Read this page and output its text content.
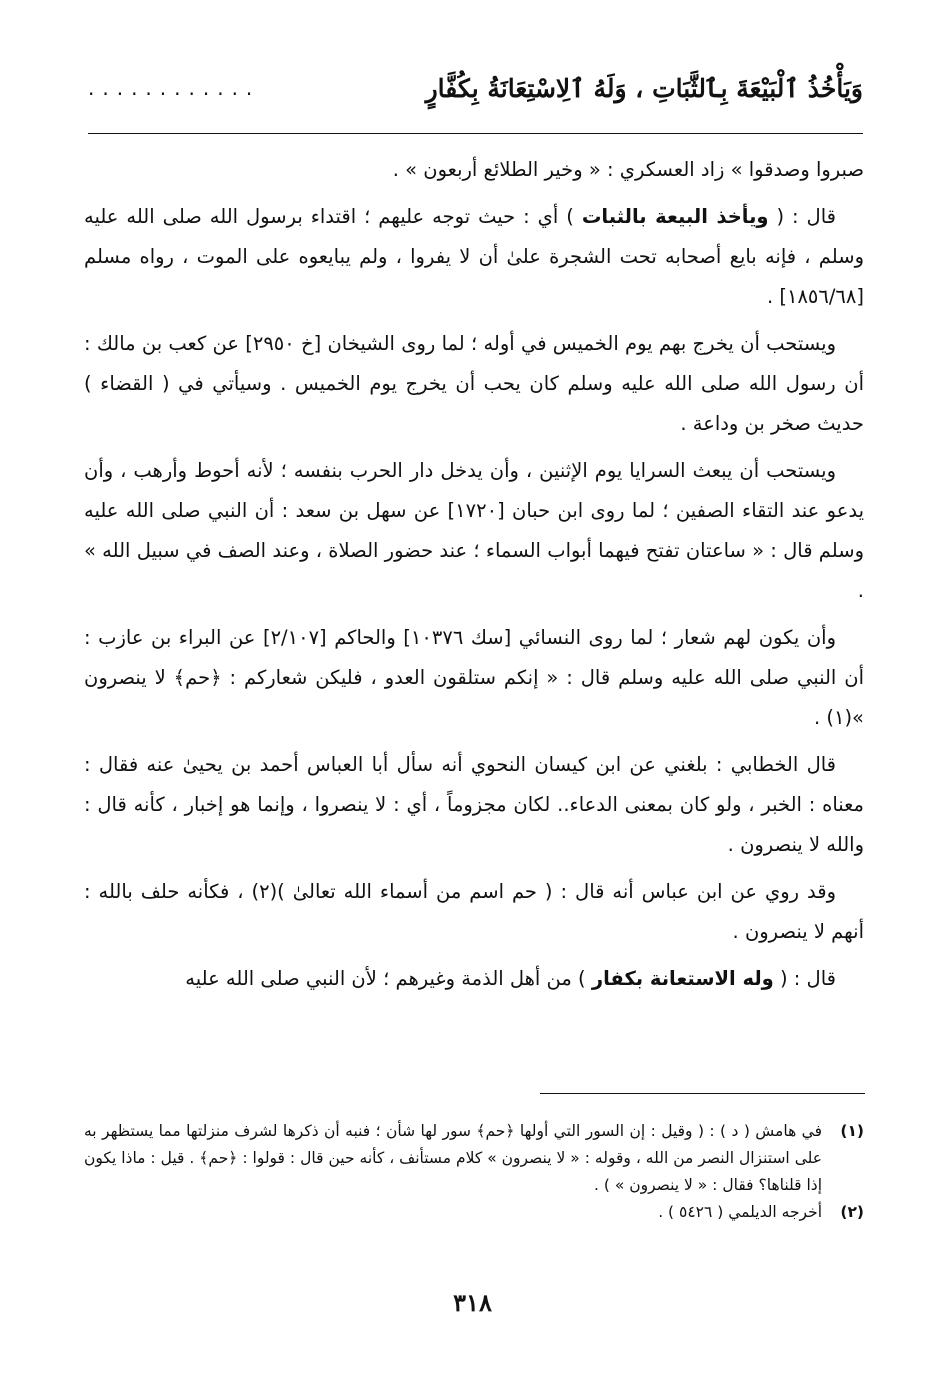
وَيَأْخُذُ ٱلْبَيْعَةَ بِٱلثَّبَاتِ ، وَلَهُ ٱلِاسْتِعَانَةُ بِكُفَّارٍ
............

صبروا وصدقوا » زاد العسكري : « وخير الطلائع أربعون » .

قال : ( ويأخذ البيعة بالثبات ) أي : حيث توجه عليهم ؛ اقتداء برسول الله صلى الله عليه وسلم ، فإنه بايع أصحابه تحت الشجرة علىٰ أن لا يفروا ، ولم يبايعوه على الموت ، رواه مسلم [١٨٥٦/٦٨] .

ويستحب أن يخرج بهم يوم الخميس في أوله ؛ لما روى الشيخان [خ ٢٩٥٠] عن كعب بن مالك : أن رسول الله صلى الله عليه وسلم كان يحب أن يخرج يوم الخميس . وسيأتي في ( القضاء ) حديث صخر بن وداعة .

ويستحب أن يبعث السرايا يوم الإثنين ، وأن يدخل دار الحرب بنفسه ؛ لأنه أحوط وأرهب ، وأن يدعو عند التقاء الصفين ؛ لما روى ابن حبان [١٧٢٠] عن سهل بن سعد : أن النبي صلى الله عليه وسلم قال : « ساعتان تفتح فيهما أبواب السماء ؛ عند حضور الصلاة ، وعند الصف في سبيل الله » .

وأن يكون لهم شعار ؛ لما روى النسائي [سك ١٠٣٧٦] والحاكم [٢/١٠٧] عن البراء بن عازب : أن النبي صلى الله عليه وسلم قال : « إنكم ستلقون العدو ، فليكن شعاركم : ﴿حم﴾ لا ينصرون »(١) .

قال الخطابي : بلغني عن ابن كيسان النحوي أنه سأل أبا العباس أحمد بن يحيىٰ عنه فقال : معناه : الخبر ، ولو كان بمعنى الدعاء.. لكان مجزوماً ، أي : لا ينصروا ، وإنما هو إخبار ، كأنه قال : والله لا ينصرون .

وقد روي عن ابن عباس أنه قال : ( حم اسم من أسماء الله تعالىٰ )(٢) ، فكأنه حلف بالله : أنهم لا ينصرون .

قال : ( وله الاستعانة بكفار ) من أهل الذمة وغيرهم ؛ لأن النبي صلى الله عليه

(١)
في هامش ( د ) : ( وقيل : إن السور التي أولها ﴿حم﴾ سور لها شأن ؛ فنبه أن ذكرها لشرف منزلتها مما يستظهر به على استنزال النصر من الله ، وقوله : « لا ينصرون » كلام مستأنف ، كأنه حين قال : قولوا : ﴿حم﴾ . قيل : ماذا يكون إذا قلناها؟ فقال : « لا ينصرون » ) .
(٢)
أخرجه الديلمي ( ٥٤٢٦ ) .
٣١٨
